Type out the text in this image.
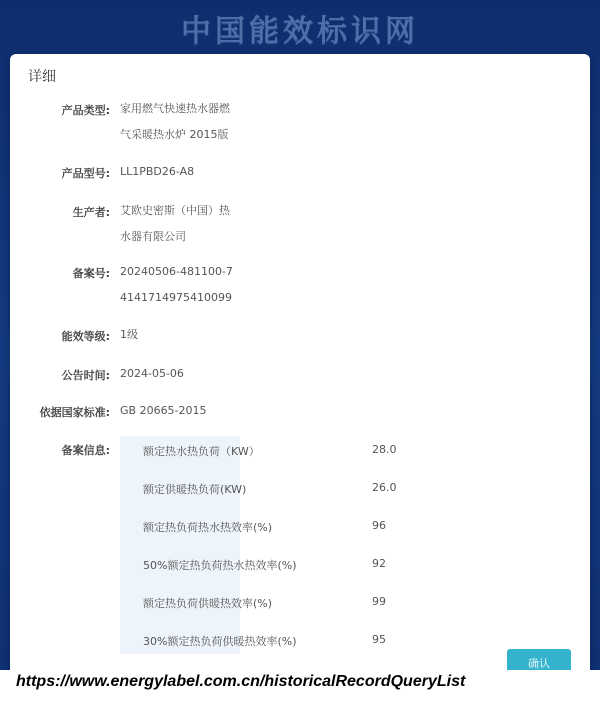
中国能效标识网
详细
产品类型: 家用燃气快速热水器燃
气采暖热水炉 2015版
产品型号: LL1PBD26-A8
生产者: 艾欧史密斯（中国）热
水器有限公司
备案号: 20240506-481100-7
4141714975410099
能效等级: 1级
公告时间: 2024-05-06
依据国家标准: GB 20665-2015
备案信息:	额定热水热负荷（KW）	28.0
额定供暖热负荷(KW)	26.0
额定热负荷热水热效率(%)	96
50%额定热负荷热水热效率(%)	92
额定热负荷供暖热效率(%)	99
30%额定热负荷供暖热效率(%)	95
确认
https://www.energylabel.com.cn/historicalRecordQueryList
